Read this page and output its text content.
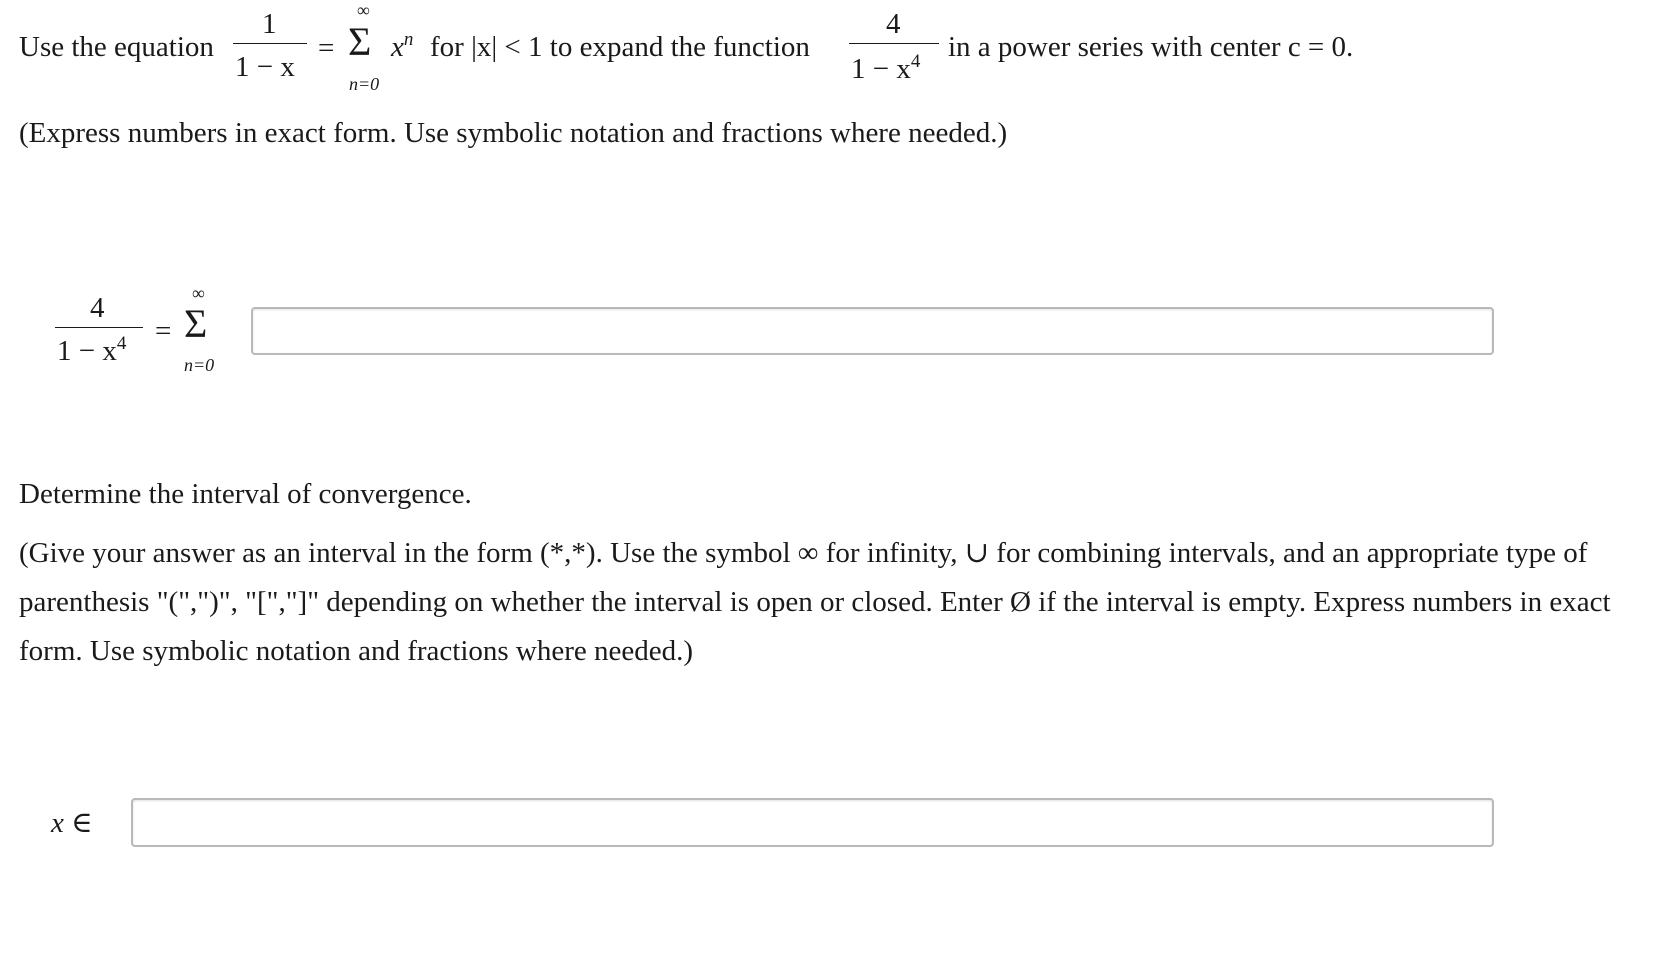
Use the equation
1
1 − x
=
∞
Σ
n=0
$x^n$ for |x| < 1 to expand the function
4
$1 - x^4$ in a power series with center c = 0.
(Express numbers in exact form. Use symbolic notation and fractions where needed.)
4
$1 - x^4$ =
∞
Σ
n=0
Determine the interval of convergence.
(Give your answer as an interval in the form (*,*). Use the symbol ∞ for infinity, ∪ for combining intervals, and an appropriate type of parenthesis "(",")", "[","]" depending on whether the interval is open or closed. Enter Ø if the interval is empty. Express numbers in exact form. Use symbolic notation and fractions where needed.)
x ∈
